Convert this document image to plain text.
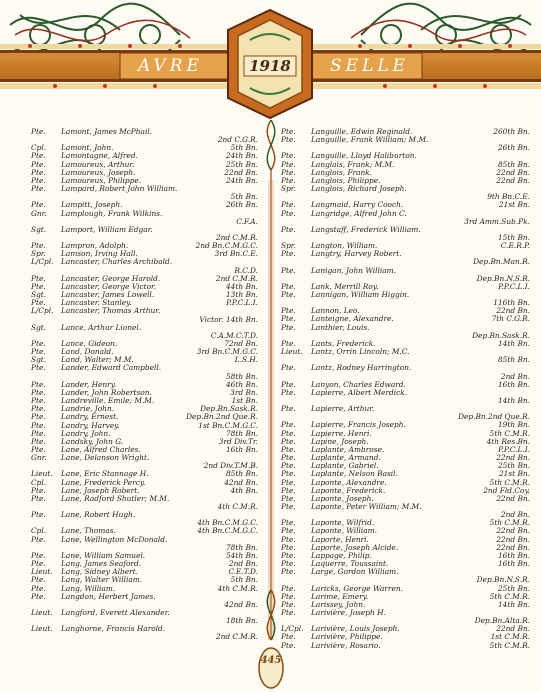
AVRE	SELLE
1918
445
Pte. Lamont, James McPhail.
2nd C.G.R.
Cpl. Lamont, John.	5th Bn.
Pte. Lamontagne, Alfred.	24th Bn.
Pte. Lamoureux, Arthur.	25th Bn.
Pte. Lamoureux, Joseph.	22nd Bn.
Pte. Lamoureux, Philippe.	24th Bn.
Pte. Lampard, Robert John William.
5th Bn.
Pte. Lampitt, Joseph.	26th Bn.
Gnr. Lamplough, Frank Wilkins.
C.F.A.
Sgt. Lamport, William Edgar.
2nd C.M.R.
Pte. Lampron, Adolph.	2nd Bn.C.M.G.C.
Spr. Lamson, Irving Hall.	3rd Bn.C.E.
L/Cpl. Lancaster, Charles Archibald.
R.C.D.
Pte. Lancaster, George Harold.	2nd C.M.R.
Pte. Lancaster, George Victor.	44th Bn.
Sgt. Lancaster, James Lowell.	13th Bn.
Pte. Lancaster, Stanley.	P.P.C.L.I.
L/Cpl. Lancaster, Thomas Arthur.
Victor. 14th Bn.
Sgt. Lance, Arthur Lionel.
C.A.M.C.T.D.
Pte. Lance, Gideon.	72nd Bn.
Pte. Land, Donald.	3rd Bn.C.M.G.C.
Sgt. Land, Walter; M.M.	L.S.H.
Pte. Lander, Edward Campbell.
58th Bn.
Pte. Lander, Henry.	46th Bn.
Pte. Lander, John Robertson.	3rd Bn.
Pte. Landreville, Emile; M.M.	1st Bn.
Pte. Landrie, John.	Dep.Bn.Sask.R.
Pte. Landry, Ernest.	Dep.Bn.2nd Que.R.
Pte. Landry, Harvey.	1st Bn.C.M.G.C.
Pte. Landry, John.	78th Bn.
Pte. Landsky, John G.	3rd Div.Tr.
Pte. Lane, Alfred Charles.	16th Bn.
Gnr. Lane, Delanson Wright.
2nd Div.T.M.B.
Lieut. Lane, Eric Stannage H.	85th Bn.
Cpl. Lane, Frederick Percy.	42nd Bn.
Pte. Lane, Joseph Robert.	4th Bn.
Pte. Lane, Radford Shutler; M.M.
4th C.M.R.
Pte. Lane, Robert Hugh.
4th Bn.C.M.G.C.
Cpl. Lane, Thomas.	4th Bn.C.M.G.C.
Pte. Lane, Wellington McDonald.
78th Bn.
Pte. Lane, William Samuel.	54th Bn.
Pte. Lang, James Seaford.	2nd Bn.
Lieut. Lang, Sidney Albert.	C.E.T.D.
Pte. Lang, Walter William.	5th Bn.
Pte. Lang, William.	4th C.M.R.
Pte. Langdon, Herbert James.
42nd Bn.
Lieut. Langford, Everett Alexander.
18th Bn.
Lieut. Langhorne, Francis Harold.
2nd C.M.R.
Pte. Languille, Edwin Reginald.	260th Bn.
Pte. Languille, Frank William; M.M.
26th Bn.
Pte. Languille, Lloyd Haliburton.
Pte. Langlais, Frank; M.M.	85th Bn.
Pte. Langlois, Frank.	22nd Bn.
Pte. Langlois, Philippe.	22nd Bn.
Spr. Langlois, Richard Joseph.
9th Bn.C.E.
Pte. Langmaid, Harry Cooch.	21st Bn.
Pte. Langridge, Alfred John C.
3rd Amm.Sub.Pk.
Pte. Langstaff, Frederick William.
15th Bn.
Spr. Langton, William.	C.E.R.P.
Pte. Langtry, Harvey Robert.
Dep.Bn.Man.R.
Pte. Lanigan, John William.
Dep.Bn.N.S.R.
Pte. Lank, Merrill Roy.	P.P.C.L.I.
Pte. Lannigan, William Higgin.
116th Bn.
Pte. Lannon, Leo.	22nd Bn.
Pte. Lanteigne, Alexandre.	7th C.G.R.
Pte. Lanthier, Louis.
Dep.Bn.Sask.R.
Pte. Lants, Frederick.	14th Bn.
Lieut. Lantz, Orrin Lincoln; M.C.
85th Bn.
Pte. Lantz, Rodney Harrington.
2nd Bn.
Pte. Lanyon, Charles Edward.	16th Bn.
Pte. Lapierre, Albert Merdick.
14th Bn.
Pte. Lapierre, Arthur.
Dep.Bn.2nd Que.R.
Pte. Lapierre, Francis Joseph.	19th Bn.
Pte. Lapierre, Henri.	5th C.M.R.
Pte. Lapine, Joseph.	4th Res.Bn.
Pte. Laplante, Ambrose.	P.P.C.L.I.
Pte. Laplante, Armand.	22nd Bn.
Pte. Laplante, Gabriel.	25th Bn.
Pte. Laplante, Nelson Basil.	21st Bn.
Pte. Laponte, Alexandre.	5th C.M.R.
Pte. Laponte, Frederick.	2nd Fld.Coy.
Pte. Laponte, Joseph.	22nd Bn.
Pte. Laponte, Peter William; M.M.
2nd Bn.
Pte. Laponte, Wilfrid.	5th C.M.R.
Pte. Laponte, William.	22nd Bn.
Pte. Laporte, Henri.	22nd Bn.
Pte. Laporte, Joseph Alcide.	22nd Bn.
Pte. Lappage, Philip.	16th Bn.
Pte. Laquerre, Toussaint.	16th Bn.
Pte. Large, Gordon William.
Dep.Bn.N.S.R.
Pte. Laricks, George Warren.	25th Bn.
Pte. Larime, Emery.	5th C.M.R.
Pte. Larissey, John.	14th Bn.
Pte. Larivière, Joseph H.
Dep.Bn.Alta.R.
L/Cpl. Larivière, Louis Joseph.	22nd Bn.
Pte. Larivière, Philippe.	1st C.M.R.
Pte. Larivière, Rosario.	5th C.M.R.
